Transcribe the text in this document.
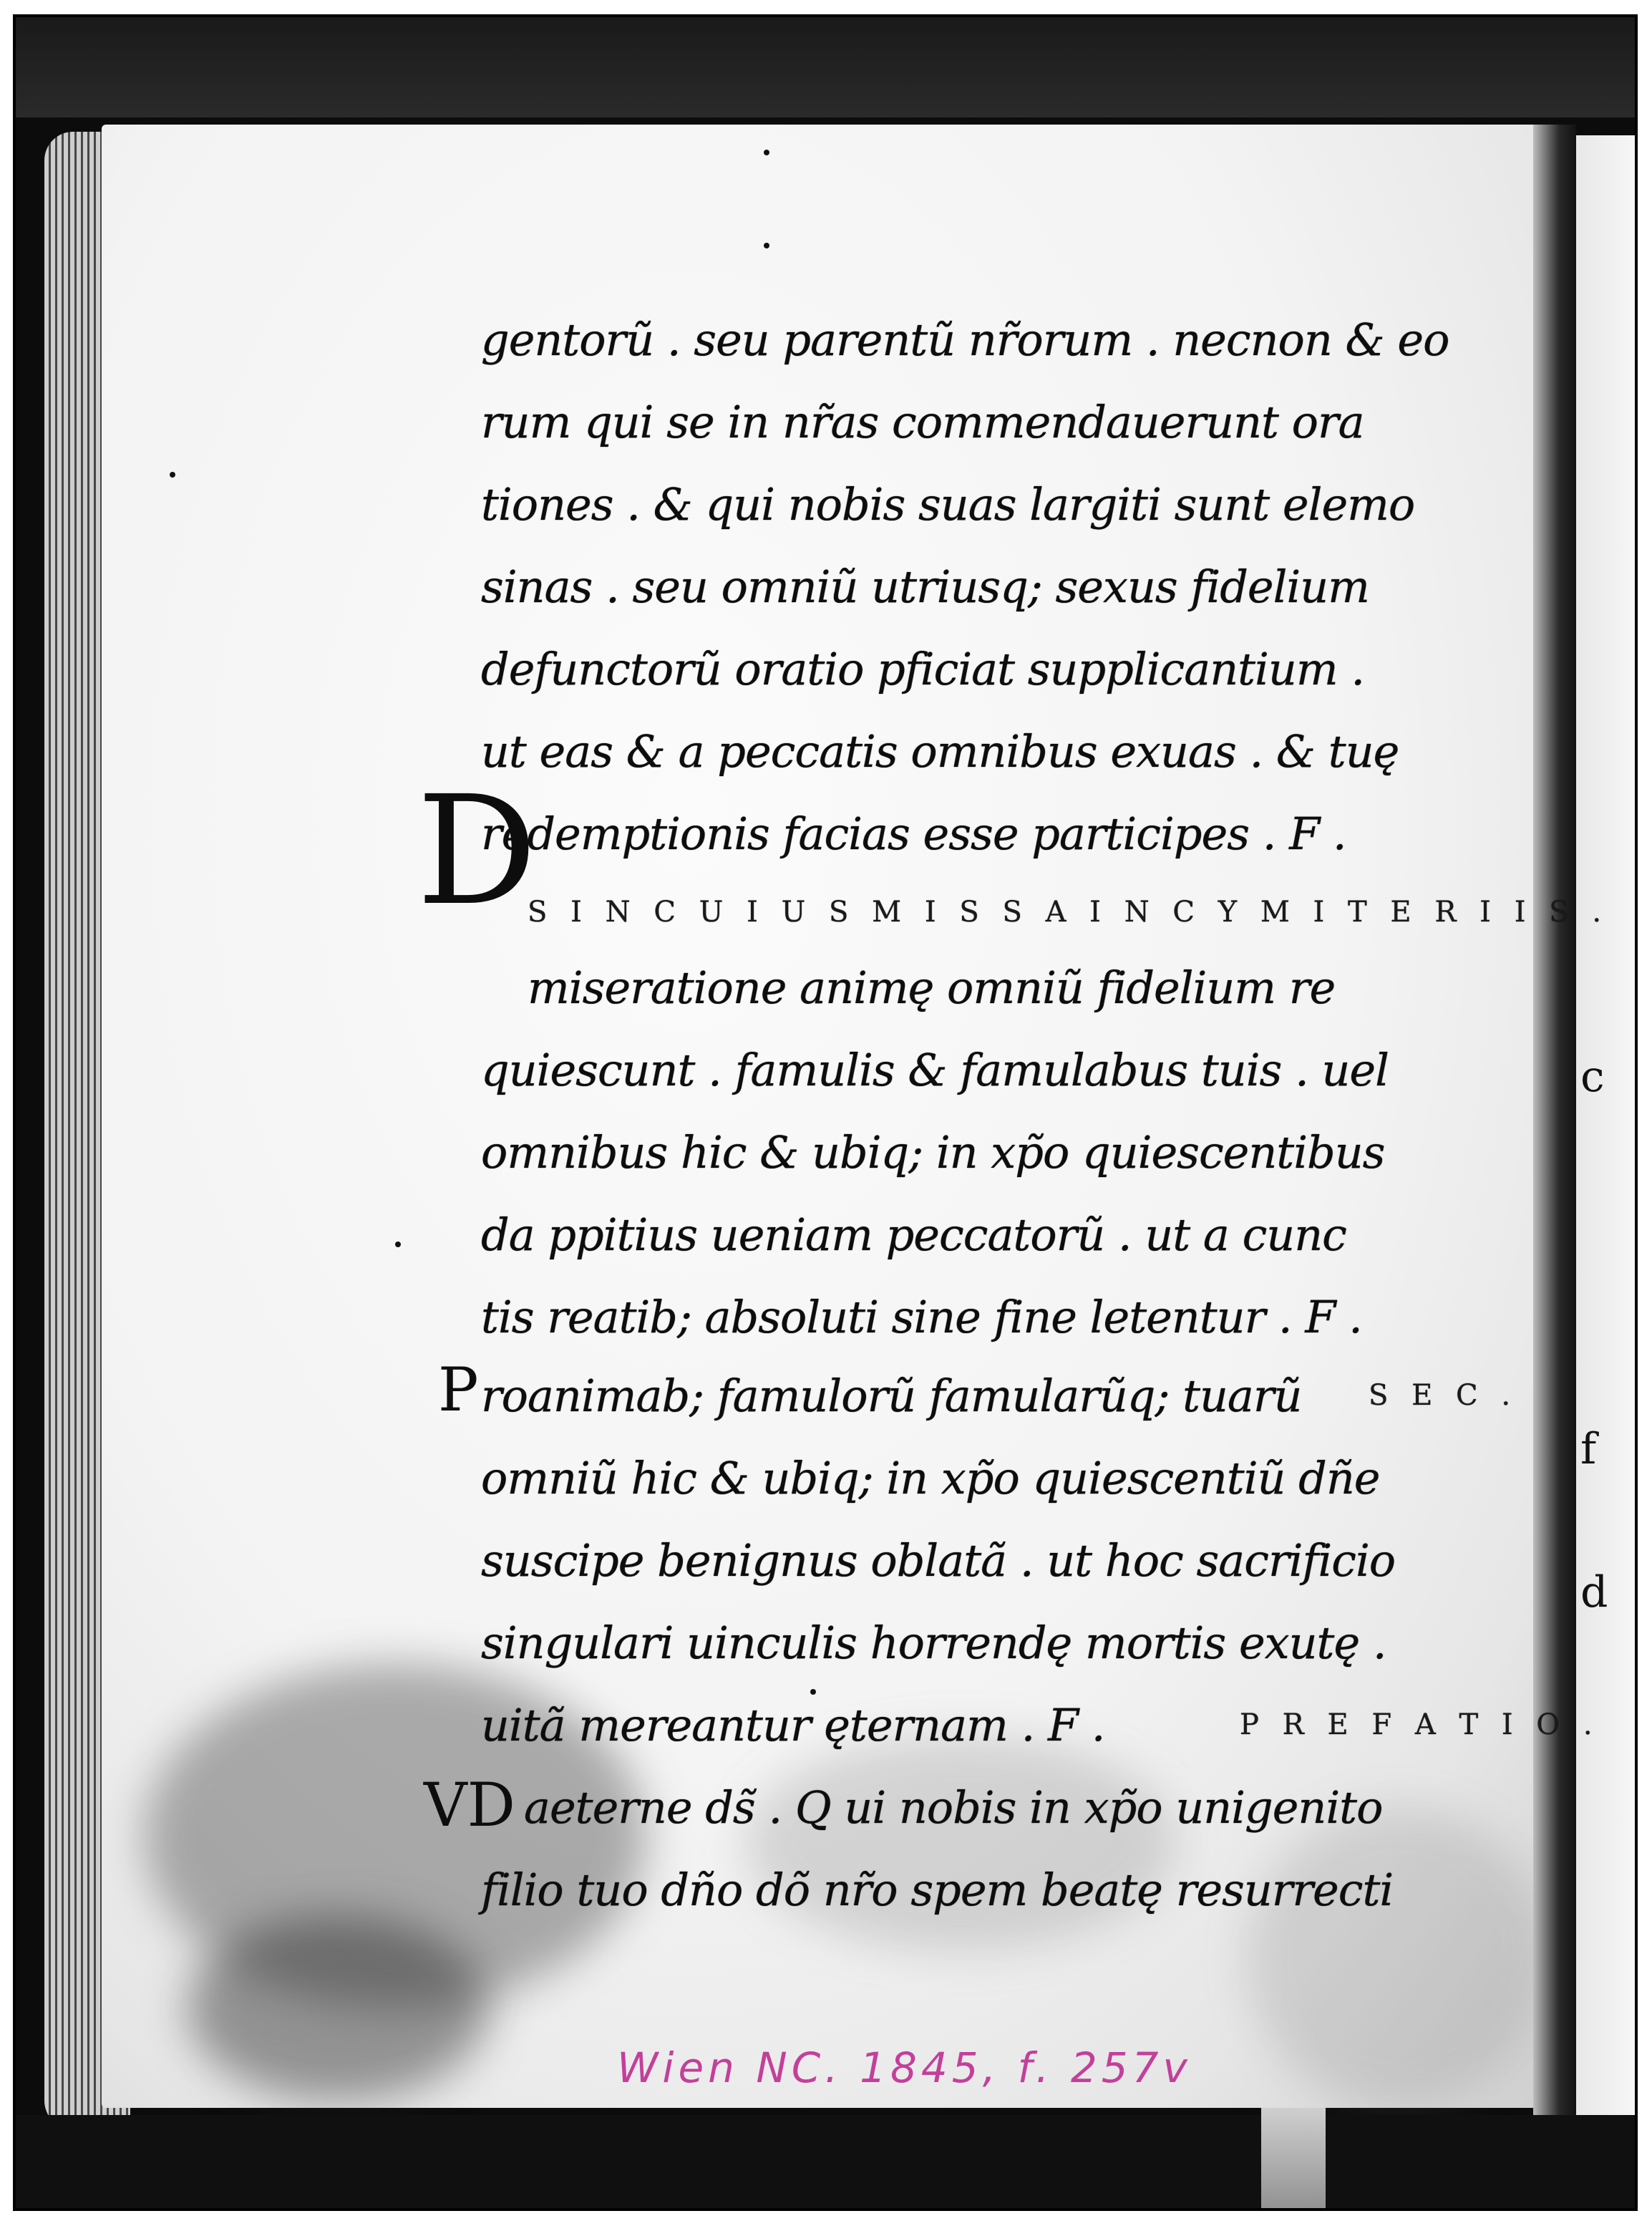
c
f
d
gentorũ . seu parentũ nr̃orum . necnon & eo
rum qui se in nr̃as commendauerunt ora
tiones . & qui nobis suas largiti sunt elemo
sinas . seu omniũ utriusq; sexus fidelium
defunctorũ oratio pficiat supplicantium .
ut eas & a peccatis omnibus exuas . & tuę
redemptionis facias esse participes . F .
D
S I N C U I U S M I S S A I N C Y M I T E R I I S .
miseratione animę omniũ fidelium re
quiescunt . famulis & famulabus tuis . uel
omnibus hic & ubiq; in xp̃o quiescentibus
da ppitius ueniam peccatorũ . ut a cunc
tis reatib; absoluti sine fine letentur . F .
P roanimab; famulorũ famularũq; tuarũ S E C .
omniũ hic & ubiq; in xp̃o quiescentiũ dñe
suscipe benignus oblatã . ut hoc sacrificio
singulari uinculis horrendę mortis exutę .
uitã mereantur ęternam . F .	P R E F A T I O .
VD aeterne ds̃ . Q ui nobis in xp̃o unigenito
filio tuo dño dõ nr̃o spem beatę resurrecti
Wien NC. 1845, f. 257v
